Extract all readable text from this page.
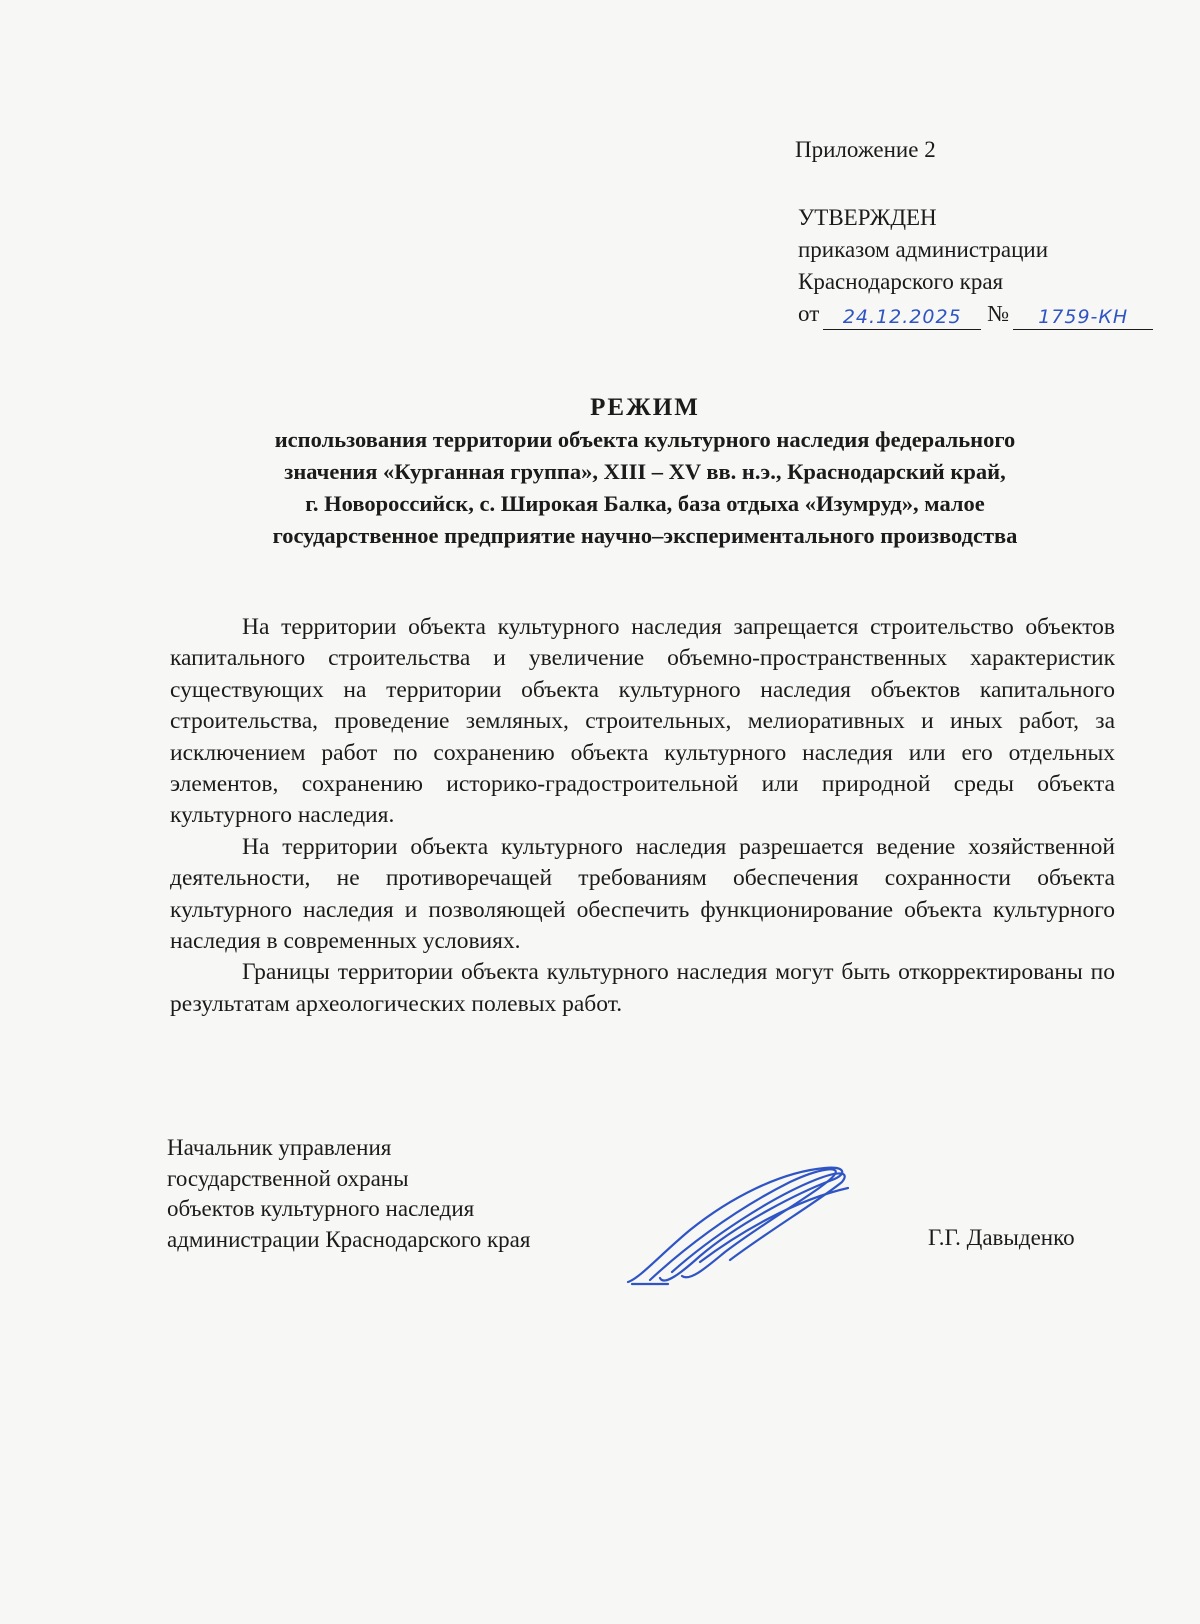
Приложение 2
УТВЕРЖДЕН
приказом администрации
Краснодарского края
от	24.12.2025	№	1759-КН
РЕЖИМ
использования территории объекта культурного наследия федерального
значения «Курганная группа», XIII – XV вв. н.э., Краснодарский край,
г. Новороссийск, с. Широкая Балка, база отдыха «Изумруд», малое
государственное предприятие научно–экспериментального производства

На территории объекта культурного наследия запрещается строительство объектов капитального строительства и увеличение объемно-пространственных характеристик существующих на территории объекта культурного наследия объектов капитального строительства, проведение земляных, строительных, мелиоративных и иных работ, за исключением работ по сохранению объекта культурного наследия или его отдельных элементов, сохранению историко-градостроительной или природной среды объекта культурного наследия.

На территории объекта культурного наследия разрешается ведение хозяйственной деятельности, не противоречащей требованиям обеспечения сохранности объекта культурного наследия и позволяющей обеспечить функционирование объекта культурного наследия в современных условиях.

Границы территории объекта культурного наследия могут быть откорректированы по результатам археологических полевых работ.

Начальник управления
государственной охраны
объектов культурного наследия
администрации Краснодарского края	Г.Г. Давыденко
